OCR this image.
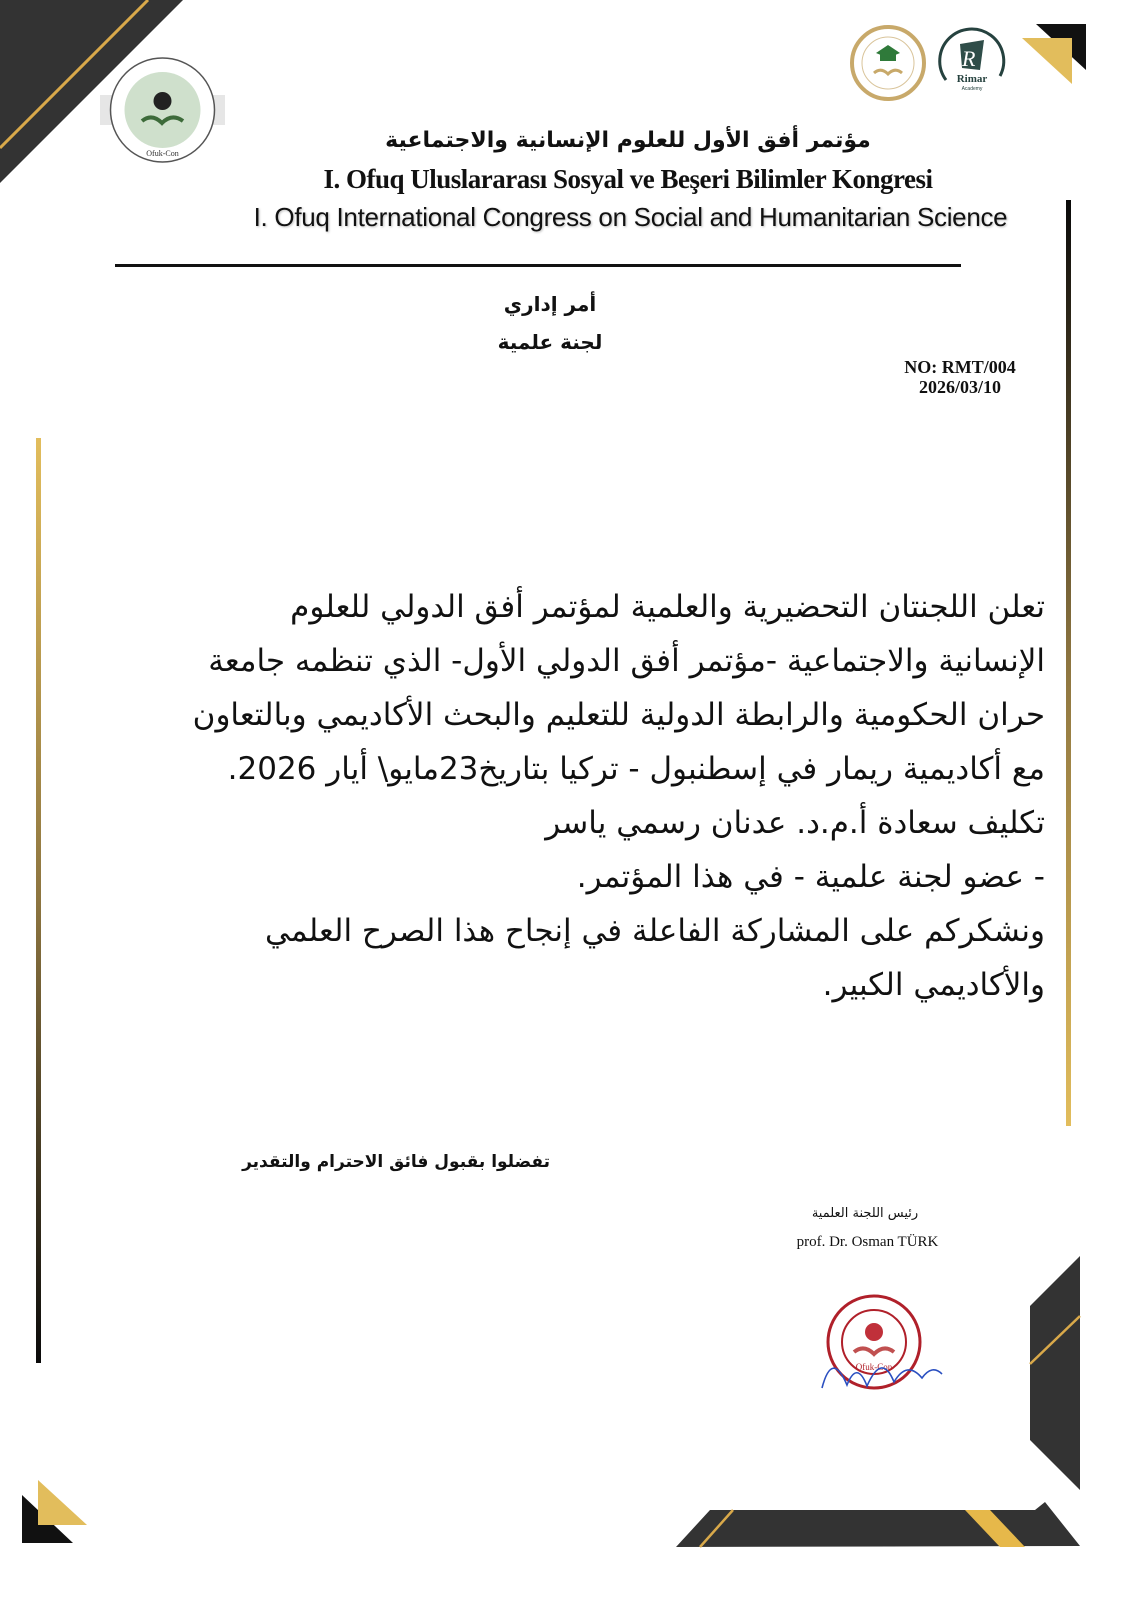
Ofuk-Con
R
Rimar
Academy
مؤتمر أفق الأول للعلوم الإنسانية والاجتماعية
I. Ofuq Uluslararası Sosyal ve Beşeri Bilimler Kongresi
I. Ofuq International Congress on Social and Humanitarian Science
أمر إداري
لجنة علمية
NO: RMT/004
2026/03/10

تعلن اللجنتان التحضيرية والعلمية لمؤتمر أفق الدولي للعلوم

الإنسانية والاجتماعية -مؤتمر أفق الدولي الأول- الذي تنظمه جامعة

حران الحكومية والرابطة الدولية للتعليم والبحث الأكاديمي وبالتعاون

مع أكاديمية ريمار في إسطنبول - تركيا بتاريخ23مايو\ أيار 2026.

تكليف سعادة أ.م.د. عدنان رسمي ياسر

- عضو لجنة علمية - في هذا المؤتمر.

ونشكركم على المشاركة الفاعلة في إنجاح هذا الصرح العلمي

والأكاديمي الكبير.

تفضلوا بقبول فائق الاحترام والتقدير
رئيس اللجنة العلمية
prof. Dr. Osman TÜRK
Ofuk-Con
